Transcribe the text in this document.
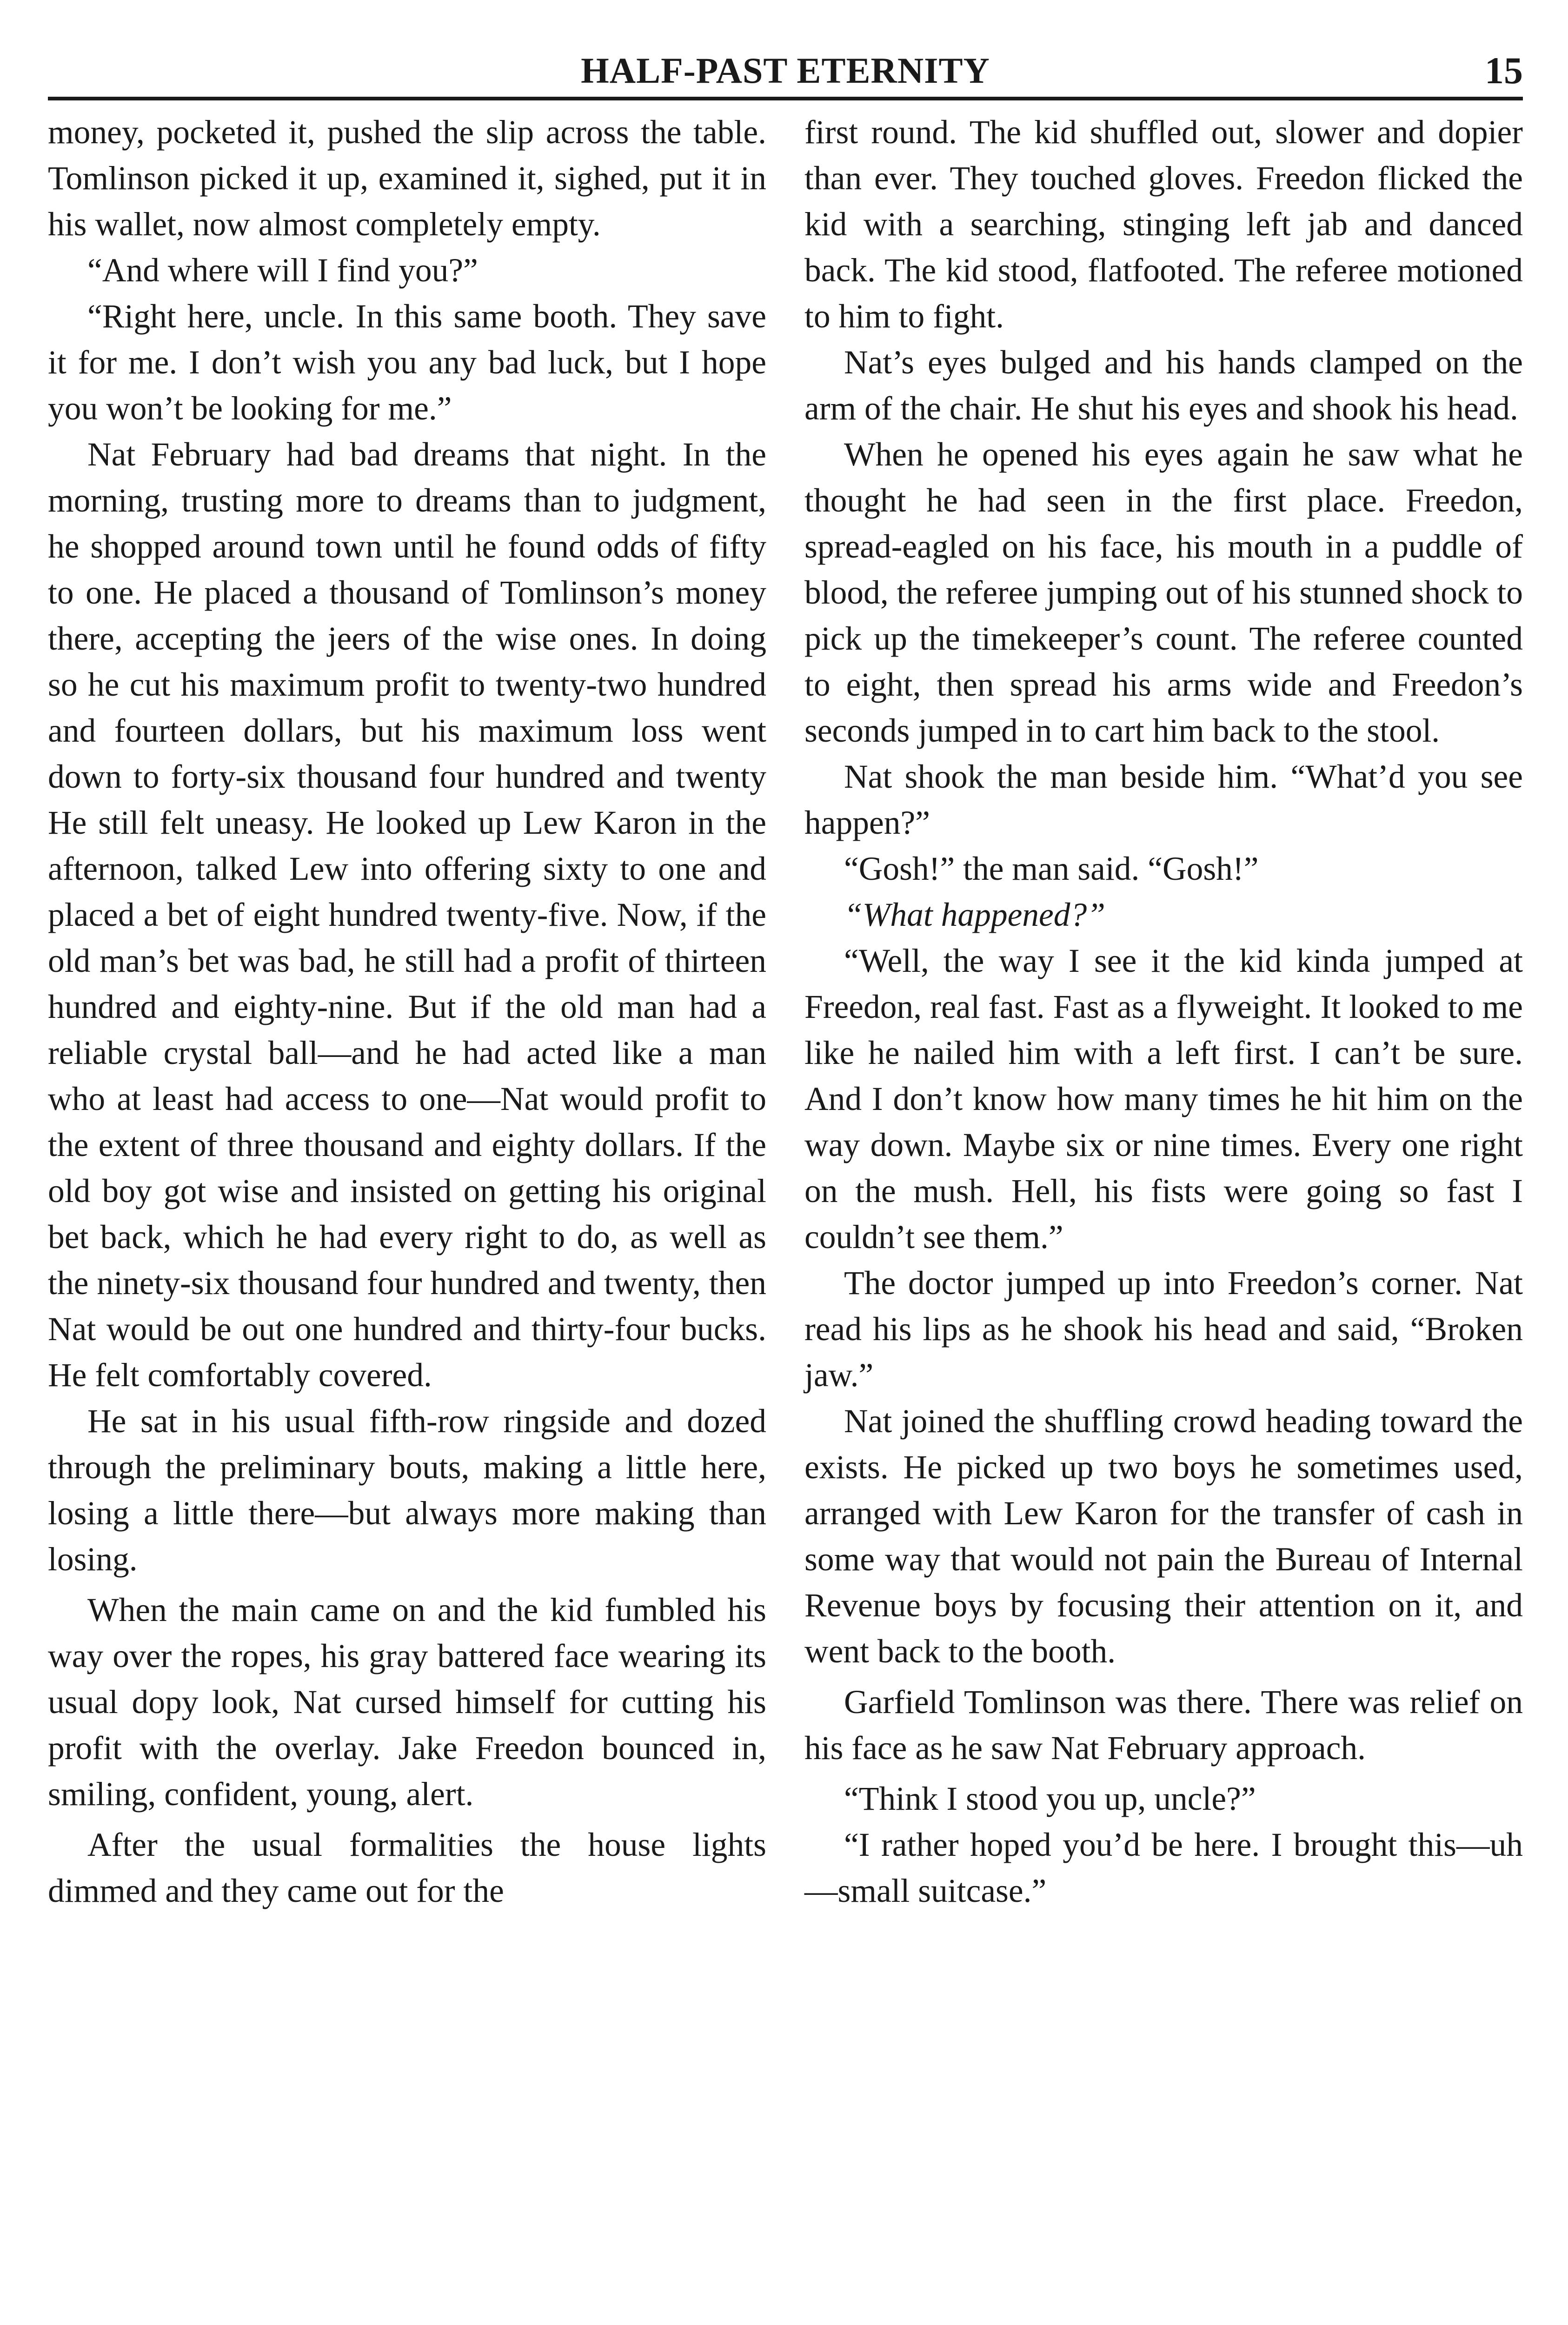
HALF-PAST ETERNITY	15

money, pocketed it, pushed the slip across the table. Tomlinson picked it up, examined it, sighed, put it in his wallet, now almost completely empty.

“And where will I find you?”

“Right here, uncle. In this same booth. They save it for me. I don’t wish you any bad luck, but I hope you won’t be looking for me.”

Nat February had bad dreams that night. In the morning, trusting more to dreams than to judgment, he shopped around town until he found odds of fifty to one. He placed a thousand of Tomlinson’s money there, accepting the jeers of the wise ones. In doing so he cut his maximum profit to twenty-two hundred and fourteen dollars, but his maximum loss went down to forty-six thousand four hundred and twenty He still felt uneasy. He looked up Lew Karon in the afternoon, talked Lew into offering sixty to one and placed a bet of eight hundred twenty-five. Now, if the old man’s bet was bad, he still had a profit of thirteen hundred and eighty-nine. But if the old man had a reliable crystal ball—and he had acted like a man who at least had access to one—Nat would profit to the extent of three thousand and eighty dollars. If the old boy got wise and insisted on getting his original bet back, which he had every right to do, as well as the ninety-six thousand four hundred and twenty, then Nat would be out one hundred and thirty-four bucks. He felt comfortably covered.

He sat in his usual fifth-row ringside and dozed through the preliminary bouts, making a little here, losing a little there—but always more making than losing.

When the main came on and the kid fumbled his way over the ropes, his gray battered face wearing its usual dopy look, Nat cursed himself for cutting his profit with the overlay. Jake Freedon bounced in, smiling, confident, young, alert.

After the usual formalities the house lights dimmed and they came out for the

first round. The kid shuffled out, slower and dopier than ever. They touched gloves. Freedon flicked the kid with a searching, stinging left jab and danced back. The kid stood, flatfooted. The referee motioned to him to fight.

Nat’s eyes bulged and his hands clamped on the arm of the chair. He shut his eyes and shook his head.

When he opened his eyes again he saw what he thought he had seen in the first place. Freedon, spread-eagled on his face, his mouth in a puddle of blood, the referee jumping out of his stunned shock to pick up the timekeeper’s count. The referee counted to eight, then spread his arms wide and Freedon’s seconds jumped in to cart him back to the stool.

Nat shook the man beside him. “What’d you see happen?”

“Gosh!” the man said. “Gosh!”

“What happened?”

“Well, the way I see it the kid kinda jumped at Freedon, real fast. Fast as a flyweight. It looked to me like he nailed him with a left first. I can’t be sure. And I don’t know how many times he hit him on the way down. Maybe six or nine times. Every one right on the mush. Hell, his fists were going so fast I couldn’t see them.”

The doctor jumped up into Freedon’s corner. Nat read his lips as he shook his head and said, “Broken jaw.”

Nat joined the shuffling crowd heading toward the exists. He picked up two boys he sometimes used, arranged with Lew Karon for the transfer of cash in some way that would not pain the Bureau of Internal Revenue boys by focusing their attention on it, and went back to the booth.

Garfield Tomlinson was there. There was relief on his face as he saw Nat February approach.

“Think I stood you up, uncle?”

“I rather hoped you’d be here. I brought this—uh—small suitcase.”
